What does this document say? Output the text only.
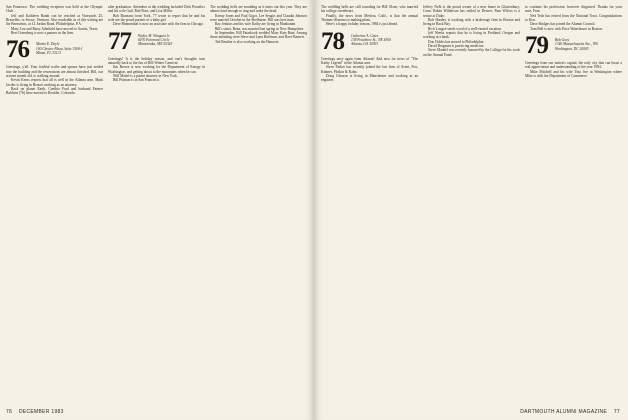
San Francisco. The wedding reception was held at the Olympic Club.

Jeff and Kathleen Randt can be reached at Vineyards 25, Bruxelles, or Stowe, Vermont. Also reachable as of this writing are the Bernsteins, at 12 Jordan Road, Philadelphia, P.A.

Mary Lou and Barry Aderhold have moved to Austin, Texas.

Bert Greenberg is now a partner in the firm.

76	Martin E. Doyle
100 Chester Plaza, Suite 1500-1
Miami, FL 33131

Greetings, y'all. Your faithful scribe and spouse have just settled into the building and the renovations are almost finished. Bill, our sixteen month old, is walking around.

Kevin Kerns reports that all is well in the Atlanta area. Mark Jacobs is living in Boston working as an attorney.

Back on planet Earth, Cynthia Ford and husband Farmer Baldwin (76) have moved to Boulder, Colorado.

after graduation. Attendees at the wedding included Dick Prouelox and his wife Gail, Rob Boss, and Lisa Miller.

Bob Buonano from York, 77 wrote to report that he and his wife are the proud parents of a baby girl.

Dave Blumenthal is now an associate with the firm in Chicago.

77	Walter M. Winquist Jr.
6070 Fairmont Circle
Minnetonka, MN 55343

Greetings! It is the holiday season, and one's thoughts turn naturally back to the fun of Hill Winter Carnival.

Jim Brown is now working for the Department of Energy in Washington, and getting about to the mountains when he can.

Will Mattel is a patent attorney in New York.

Bill Pittman is in San Francisco.

The wedding bells are sounding as it turns out this year. They are almost loud enough to ring and wake the dead.

Kenny Jones and Paul Gigot. Lee Seagirt and Claudia Johnson were married October in the Shelburne. Bill was best man.

Ray Jenkins and his wife Kathy are living in Manhattan.

Bill's sister, Rena, was married last spring in New Hampshire.

In September, Bill Pataskook wedded Mary Kate Bain. Among those attending were Steve and Lynn Hoffman, and Dave Barnett.

Ted Reuther is also working on the Hanover.

76 DECEMBER 1983

The wedding bells are still sounding for Bill Olsen, who married his college sweetheart.

Finally, the news from Medora, Calif., is that the annual Thomas-Alamosa is making plans.

Here's a happy holiday season, 1984 is just ahead.

78	Catherine A. Cates
138 Peachtree St., NE #300
Atlanta, GA 30303

Greetings once again from Atlanta! And now for news of "The Kathy Legend" in the Atlanta area.

Steve Parker has recently joined the law firm of Arent, Fox, Kintner, Plotkin & Kahn.

Doug Gleason is living in Manchester and working as an engineer.

Jeffrey Nelb is the proud owner of a new home in Glastonbury, Conn. Robin Wilderson has settled in Denver. Pam Wilcox is a senior at Duke.

Rob Hartley is working with a brokerage firm in Boston and living in Back Bay.

Rich Lougee sends word of a well-earned vacation.

Jeff Weeks reports that he is living in Portland, Oregon and working at a bank.

Don Dobbs has moved to Philadelphia.

David Bergman is practicing medicine.

Steve Mandel was recently honored by the College for his work on the Annual Fund.

to continue his profession, however disguised. Thanks for your note, Fran.

Ned Tesh has retired from the National Trust. Congratulations to Ken.

Dave Bridges has joined the Alumni Council.

Tom Bell is now with Price Waterhouse in Boston.

79	Bob Gray
1340 Massachusetts Ave., NW
Washington, DC 20005

Greetings from our nation's capital, the only city that can boast a real appreciation and understanding of the year 1984.

Mike Mitchell and his wife Tina live in Washington where Mike is with the Department of Commerce.

DARTMOUTH ALUMNI MAGAZINE 77
